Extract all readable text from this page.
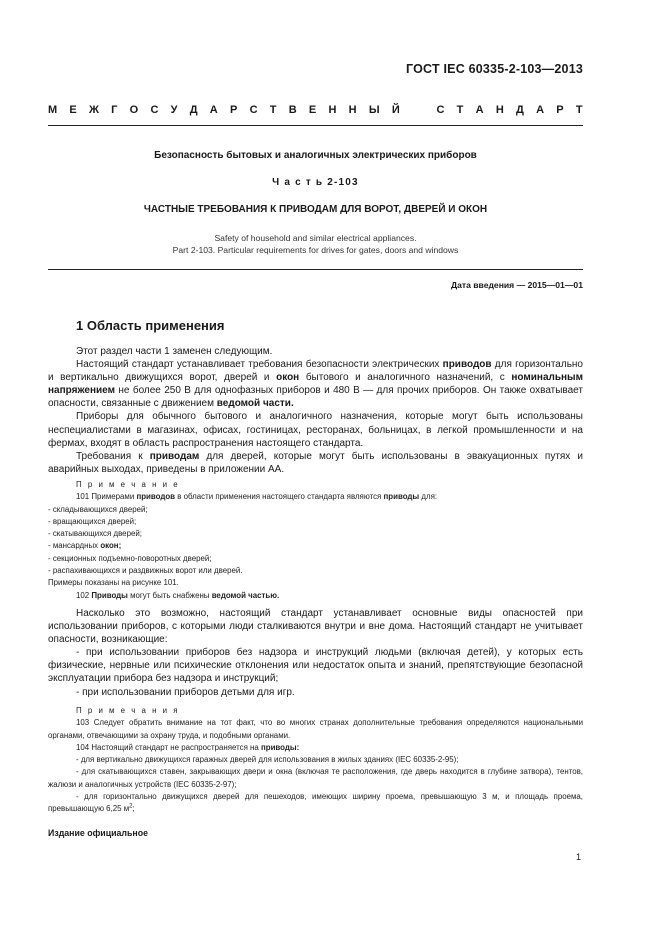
ГОСТ IEC 60335-2-103—2013
М Е Ж Г О С У Д А Р С Т В Е Н Н Ы Й	С Т А Н Д А Р Т
Безопасность бытовых и аналогичных электрических приборов
Ч а с т ь 2-103
ЧАСТНЫЕ ТРЕБОВАНИЯ К ПРИВОДАМ ДЛЯ ВОРОТ, ДВЕРЕЙ И ОКОН
Safety of household and similar electrical appliances.
Part 2-103. Particular requirements for drives for gates, doors and windows
Дата введения — 2015—01—01
1 Область применения

Этот раздел части 1 заменен следующим.

Настоящий стандарт устанавливает требования безопасности электрических приводов для горизонтально и вертикально движущихся ворот, дверей и окон бытового и аналогичного назначений, с номинальным напряжением не более 250 В для однофазных приборов и 480 В — для прочих приборов. Он также охватывает опасности, связанные с движением ведомой части.

Приборы для обычного бытового и аналогичного назначения, которые могут быть использованы неспециалистами в магазинах, офисах, гостиницах, ресторанах, больницах, в легкой промышленности и на фермах, входят в область распространения настоящего стандарта.

Требования к приводам для дверей, которые могут быть использованы в эвакуационных путях и аварийных выходах, приведены в приложении АА.

П р и м е ч а н и е

101 Примерами приводов в области применения настоящего стандарта являются приводы для:

- складывающихся дверей;

- вращающихся дверей;

- скатывающихся дверей;

- мансардных окон;

- секционных подъемно-поворотных дверей;

- распахивающихся и раздвижных ворот или дверей.

Примеры показаны на рисунке 101.

102 Приводы могут быть снабжены ведомой частью.

Насколько это возможно, настоящий стандарт устанавливает основные виды опасностей при использовании приборов, с которыми люди сталкиваются внутри и вне дома. Настоящий стандарт не учитывает опасности, возникающие:

- при использовании приборов без надзора и инструкций людьми (включая детей), у которых есть физические, нервные или психические отклонения или недостаток опыта и знаний, препятствующие безопасной эксплуатации прибора без надзора и инструкций;

- при использовании приборов детьми для игр.

П р и м е ч а н и я

103 Следует обратить внимание на тот факт, что во многих странах дополнительные требования определяются национальными органами, отвечающими за охрану труда, и подобными органами.

104 Настоящий стандарт не распространяется на приводы:

- для вертикально движущихся гаражных дверей для использования в жилых зданиях (IEC 60335-2-95);

- для скатывающихся ставен, закрывающих двери и окна (включая те расположения, где дверь находится в глубине затвора), тентов, жалюзи и аналогичных устройств (IEC 60335-2-97);

- для горизонтально движущихся дверей для пешеходов, имеющих ширину проема, превышающую 3 м, и площадь проема, превышающую 6,25 $м^2$;

Издание официальное
1
